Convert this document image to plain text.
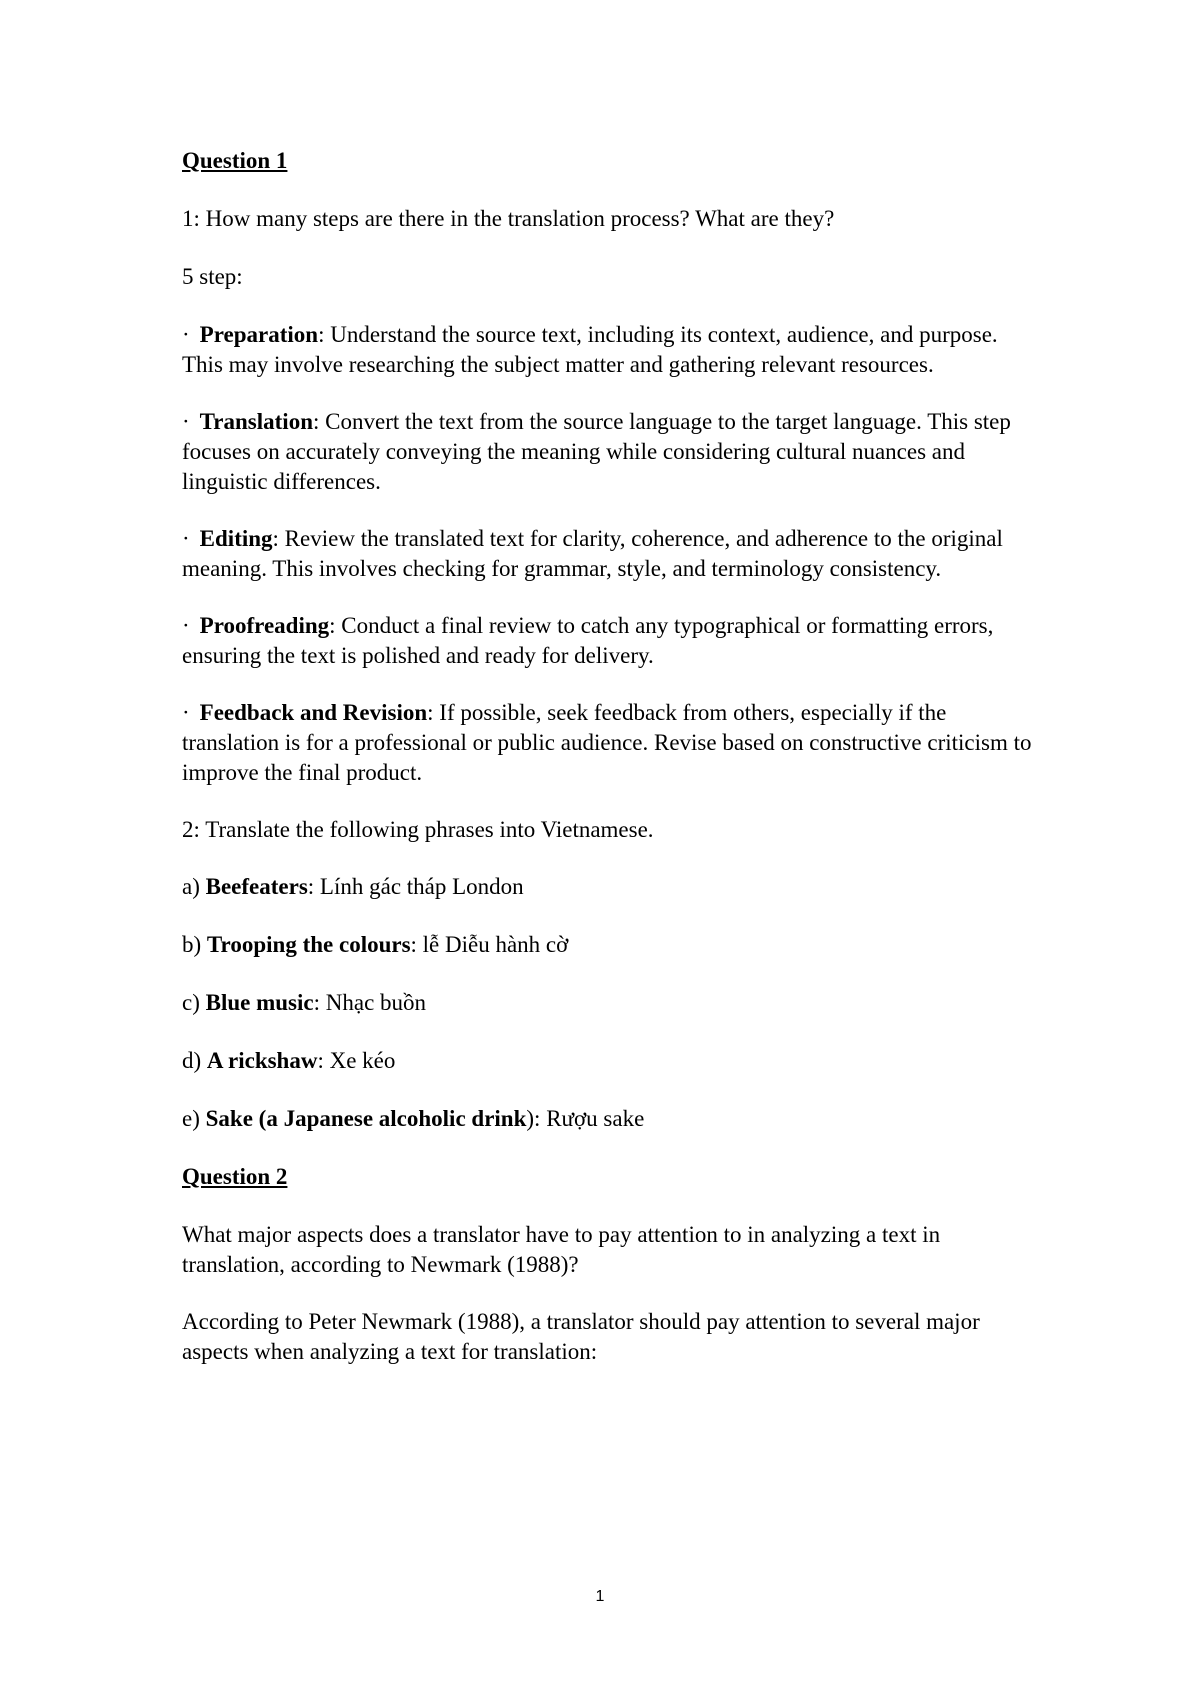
Question 1

1: How many steps are there in the translation process? What are they?

5 step:

· Preparation: Understand the source text, including its context, audience, and purpose. This may involve researching the subject matter and gathering relevant resources.

· Translation: Convert the text from the source language to the target language. This step focuses on accurately conveying the meaning while considering cultural nuances and linguistic differences.

· Editing: Review the translated text for clarity, coherence, and adherence to the original meaning. This involves checking for grammar, style, and terminology consistency.

· Proofreading: Conduct a final review to catch any typographical or formatting errors, ensuring the text is polished and ready for delivery.

· Feedback and Revision: If possible, seek feedback from others, especially if the translation is for a professional or public audience. Revise based on constructive criticism to improve the final product.

2: Translate the following phrases into Vietnamese.

a) Beefeaters: Lính gác tháp London

b) Trooping the colours: lễ Diễu hành cờ

c) Blue music: Nhạc buồn

d) A rickshaw: Xe kéo

e) Sake (a Japanese alcoholic drink): Rượu sake

Question 2

What major aspects does a translator have to pay attention to in analyzing a text in translation, according to Newmark (1988)?

According to Peter Newmark (1988), a translator should pay attention to several major aspects when analyzing a text for translation:

1
